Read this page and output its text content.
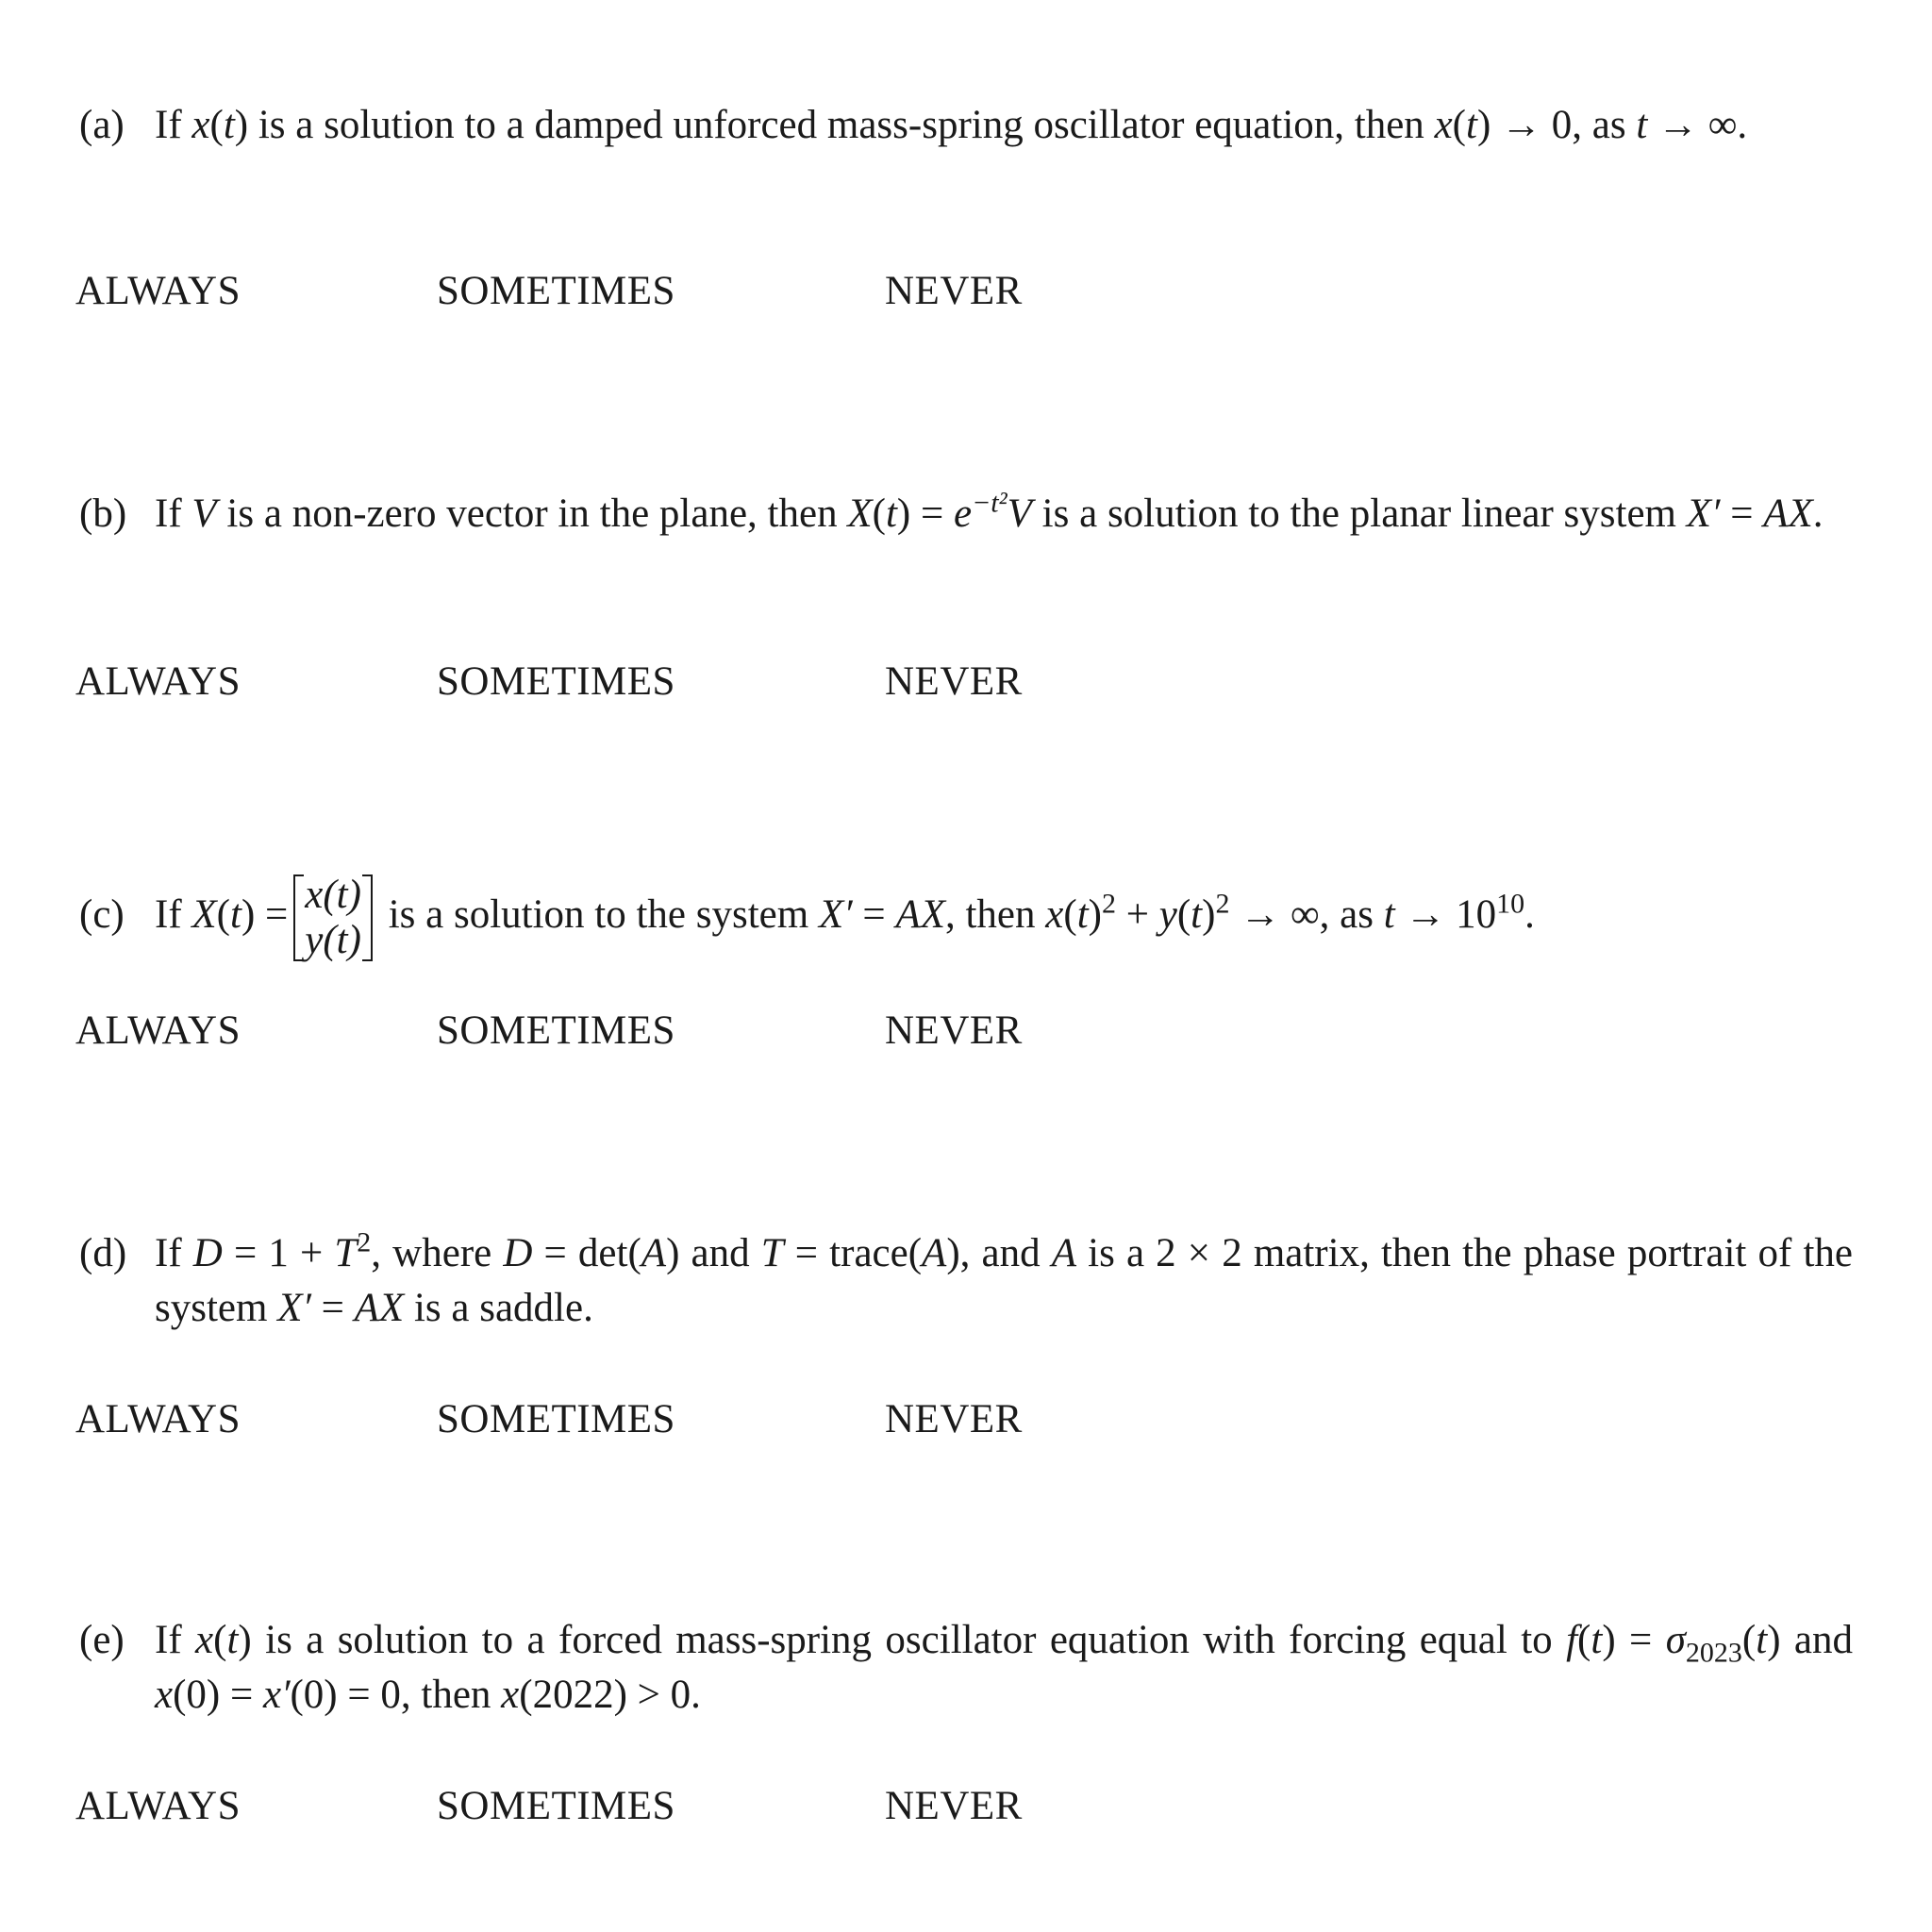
(a) If x(t) is a solution to a damped unforced mass-spring oscillator equation, then x(t) → 0, as t → ∞.
ALWAYS	SOMETIMES	NEVER
(b) If V is a non-zero vector in the plane, then $X(t) = e^{-t^2}V$ is a solution to the planar linear system X′ = AX.
ALWAYS	SOMETIMES	NEVER
(c) If X(t) = x(t)
y(t)
is a solution to the system X′ = AX, then $x(t)^2 + y(t)^2$ → ∞, as $t \to 10^{10}$.
ALWAYS	SOMETIMES	NEVER
(d) If $D = 1 + T^2$, where D = det(A) and T = trace(A), and A is a 2 × 2 matrix, then the phase portrait of the system X′ = AX is a saddle.
ALWAYS	SOMETIMES	NEVER
(e) If x(t) is a solution to a forced mass-spring oscillator equation with forcing equal to $f(t) = \sigma_{2023}(t)$ and x(0) = x′(0) = 0, then x(2022) > 0.
ALWAYS	SOMETIMES	NEVER
